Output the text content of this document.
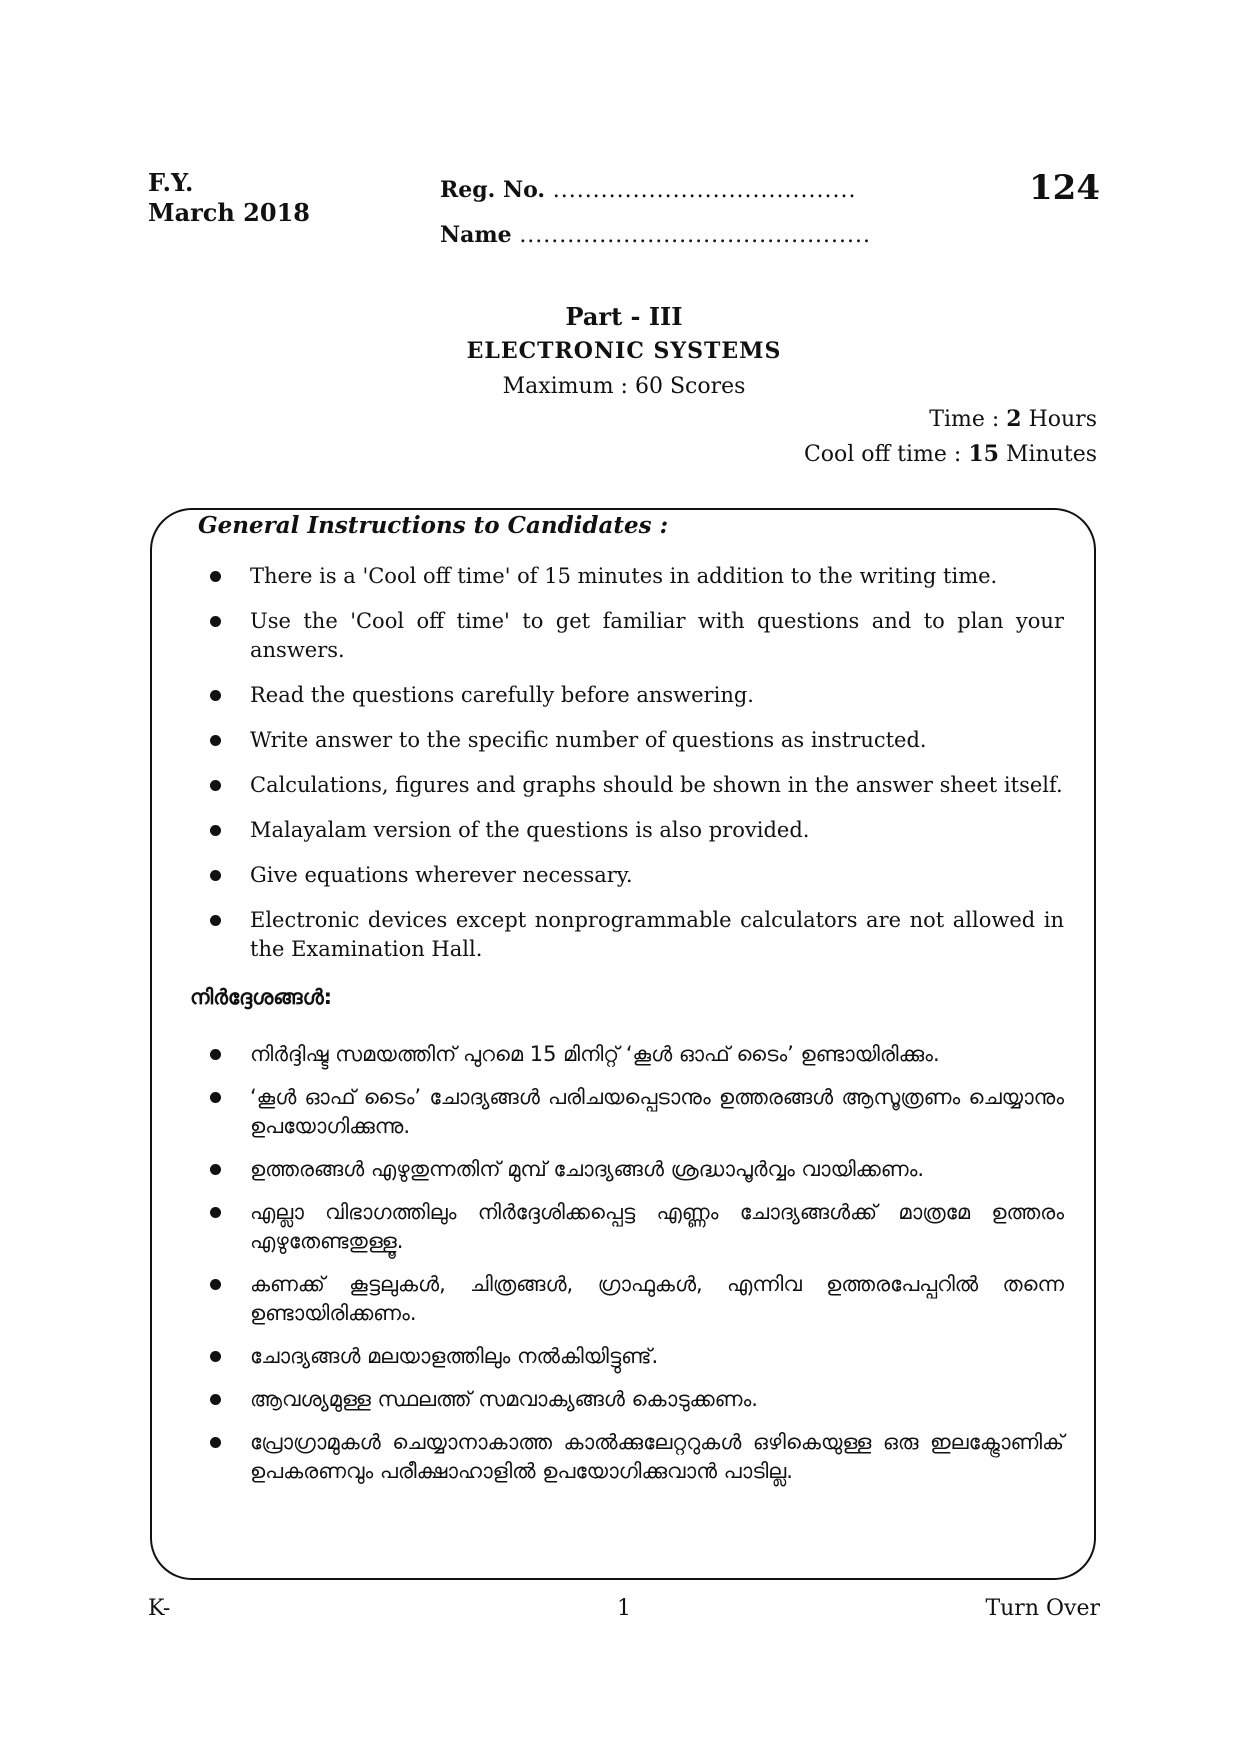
F.Y.
March 2018
Reg. No. ......................................
Name ............................................
124
Part - III
ELECTRONIC SYSTEMS
Maximum : 60 Scores
Time : 2 Hours
Cool off time : 15 Minutes
General Instructions to Candidates :
There is a 'Cool off time' of 15 minutes in addition to the writing time.
Use the 'Cool off time' to get familiar with questions and to plan your answers.
Read the questions carefully before answering.
Write answer to the specific number of questions as instructed.
Calculations, figures and graphs should be shown in the answer sheet itself.
Malayalam version of the questions is also provided.
Give equations wherever necessary.
Electronic devices except nonprogrammable calculators are not allowed in the Examination Hall.
നിർദ്ദേശങ്ങൾ:
നിർദ്ദിഷ്ട സമയത്തിന് പുറമെ 15 മിനിറ്റ് ‘കൂൾ ഓഫ് ടൈം’ ഉണ്ടായിരിക്കും.
‘കൂൾ ഓഫ് ടൈം’ ചോദ്യങ്ങൾ പരിചയപ്പെടാനും ഉത്തരങ്ങൾ ആസൂത്രണം ചെയ്യാനും ഉപയോഗിക്കുന്നു.
ഉത്തരങ്ങൾ എഴുതുന്നതിന് മുമ്പ് ചോദ്യങ്ങൾ ശ്രദ്ധാപൂർവ്വം വായിക്കണം.
എല്ലാ വിഭാഗത്തിലും നിർദ്ദേശിക്കപ്പെട്ട എണ്ണം ചോദ്യങ്ങൾക്ക് മാത്രമേ ഉത്തരം എഴുതേണ്ടതുള്ളൂ.
കണക്ക് കൂട്ടലുകൾ, ചിത്രങ്ങൾ, ഗ്രാഫുകൾ, എന്നിവ ഉത്തരപേപ്പറിൽ തന്നെ ഉണ്ടായിരിക്കണം.
ചോദ്യങ്ങൾ മലയാളത്തിലും നൽകിയിട്ടുണ്ട്.
ആവശ്യമുള്ള സ്ഥലത്ത് സമവാക്യങ്ങൾ കൊടുക്കണം.
പ്രോഗ്രാമുകൾ ചെയ്യാനാകാത്ത കാൽക്കുലേറ്ററുകൾ ഒഴികെയുള്ള ഒരു ഇലക്ട്രോണിക് ഉപകരണവും പരീക്ഷാഹാളിൽ ഉപയോഗിക്കുവാൻ പാടില്ല.
K-	1	Turn Over
